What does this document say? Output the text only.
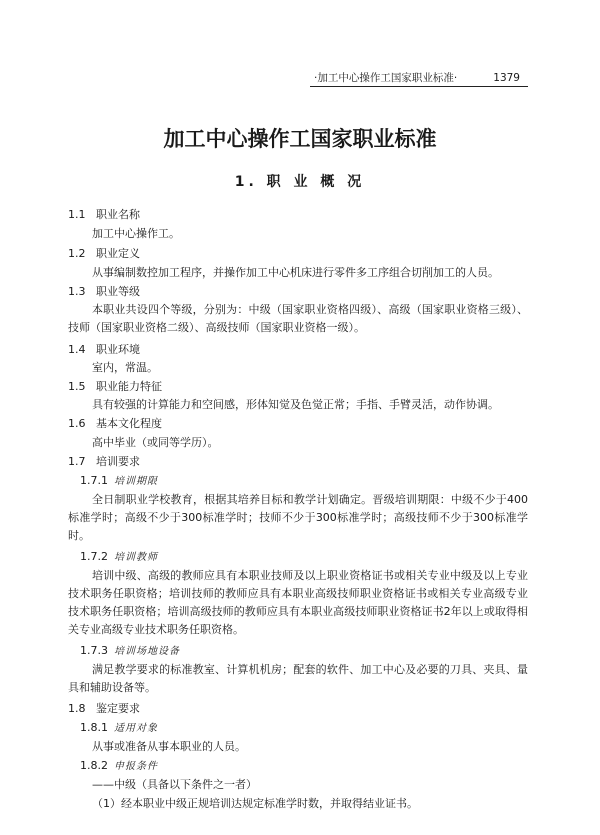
·加工中心操作工国家职业标准·	1379
加工中心操作工国家职业标准
1. 职 业 概 况
1.1 职业名称
加工中心操作工。
1.2 职业定义
从事编制数控加工程序，并操作加工中心机床进行零件多工序组合切削加工的人员。
1.3 职业等级
本职业共设四个等级，分别为：中级（国家职业资格四级）、高级（国家职业资格三级）、技师（国家职业资格二级）、高级技师（国家职业资格一级）。
1.4 职业环境
室内，常温。
1.5 职业能力特征
具有较强的计算能力和空间感，形体知觉及色觉正常；手指、手臂灵活，动作协调。
1.6 基本文化程度
高中毕业（或同等学历）。
1.7 培训要求
1.7.1 培训期限
全日制职业学校教育，根据其培养目标和教学计划确定。晋级培训期限：中级不少于400标准学时；高级不少于300标准学时；技师不少于300标准学时；高级技师不少于300标准学时。
1.7.2 培训教师
培训中级、高级的教师应具有本职业技师及以上职业资格证书或相关专业中级及以上专业技术职务任职资格；培训技师的教师应具有本职业高级技师职业资格证书或相关专业高级专业技术职务任职资格；培训高级技师的教师应具有本职业高级技师职业资格证书2年以上或取得相关专业高级专业技术职务任职资格。
1.7.3 培训场地设备
满足教学要求的标准教室、计算机机房；配套的软件、加工中心及必要的刀具、夹具、量具和辅助设备等。
1.8 鉴定要求
1.8.1 适用对象
从事或准备从事本职业的人员。
1.8.2 申报条件
——中级（具备以下条件之一者）
（1）经本职业中级正规培训达规定标准学时数，并取得结业证书。
